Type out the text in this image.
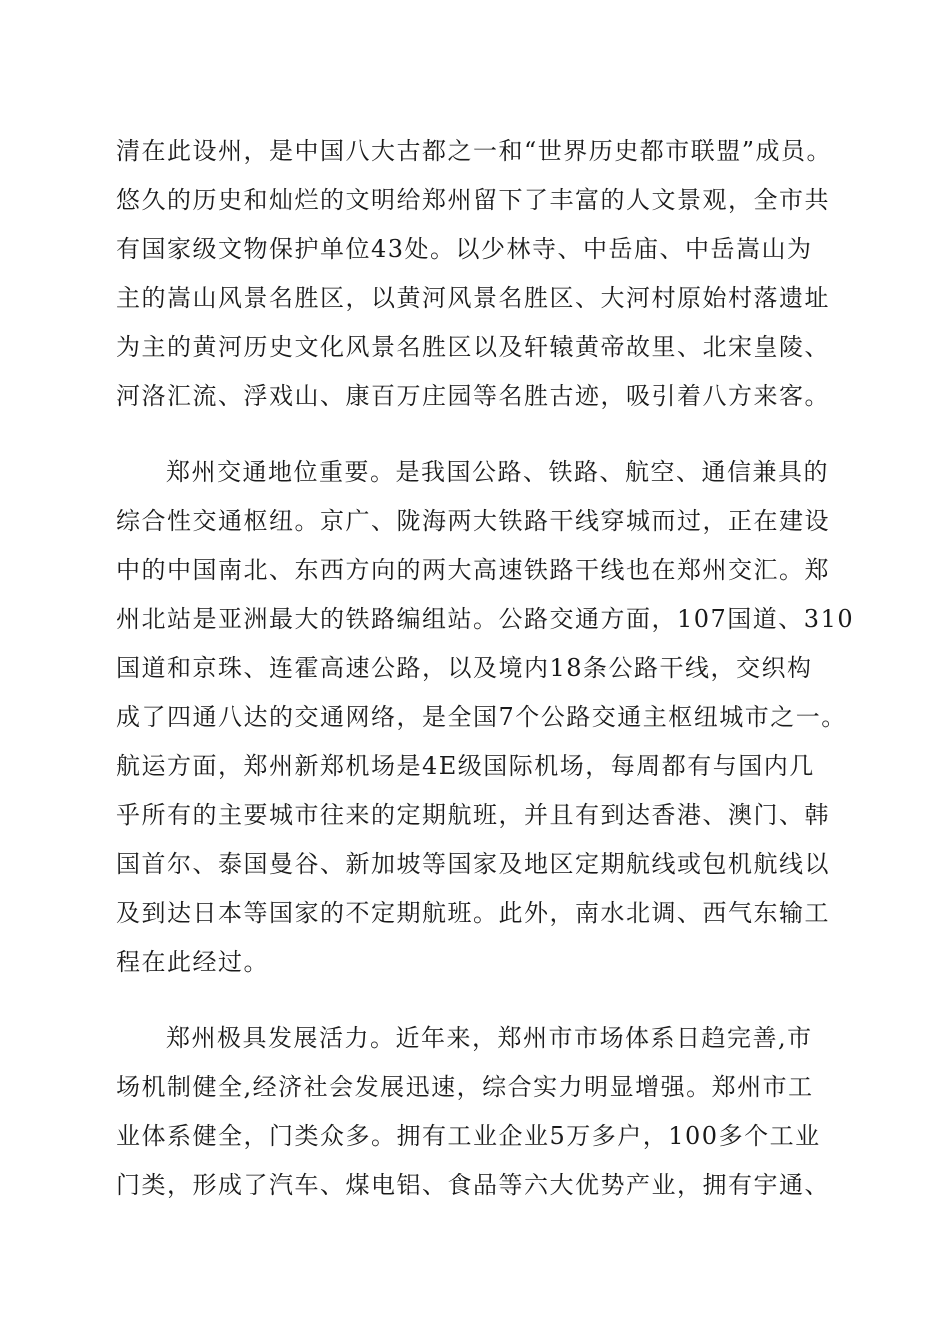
清在此设州，是中国八大古都之一和“世界历史都市联盟”成员。

悠久的历史和灿烂的文明给郑州留下了丰富的人文景观，全市共

有国家级文物保护单位43处。以少林寺、中岳庙、中岳嵩山为

主的嵩山风景名胜区，以黄河风景名胜区、大河村原始村落遗址

为主的黄河历史文化风景名胜区以及轩辕黄帝故里、北宋皇陵、

河洛汇流、浮戏山、康百万庄园等名胜古迹，吸引着八方来客。

郑州交通地位重要。是我国公路、铁路、航空、通信兼具的

综合性交通枢纽。京广、陇海两大铁路干线穿城而过，正在建设

中的中国南北、东西方向的两大高速铁路干线也在郑州交汇。郑

州北站是亚洲最大的铁路编组站。公路交通方面，107国道、310

国道和京珠、连霍高速公路，以及境内18条公路干线，交织构

成了四通八达的交通网络，是全国7个公路交通主枢纽城市之一。

航运方面，郑州新郑机场是4E级国际机场，每周都有与国内几

乎所有的主要城市往来的定期航班，并且有到达香港、澳门、韩

国首尔、泰国曼谷、新加坡等国家及地区定期航线或包机航线以

及到达日本等国家的不定期航班。此外，南水北调、西气东输工

程在此经过。

郑州极具发展活力。近年来，郑州市市场体系日趋完善,市

场机制健全,经济社会发展迅速，综合实力明显增强。郑州市工

业体系健全，门类众多。拥有工业企业5万多户，100多个工业

门类，形成了汽车、煤电铝、食品等六大优势产业，拥有宇通、
